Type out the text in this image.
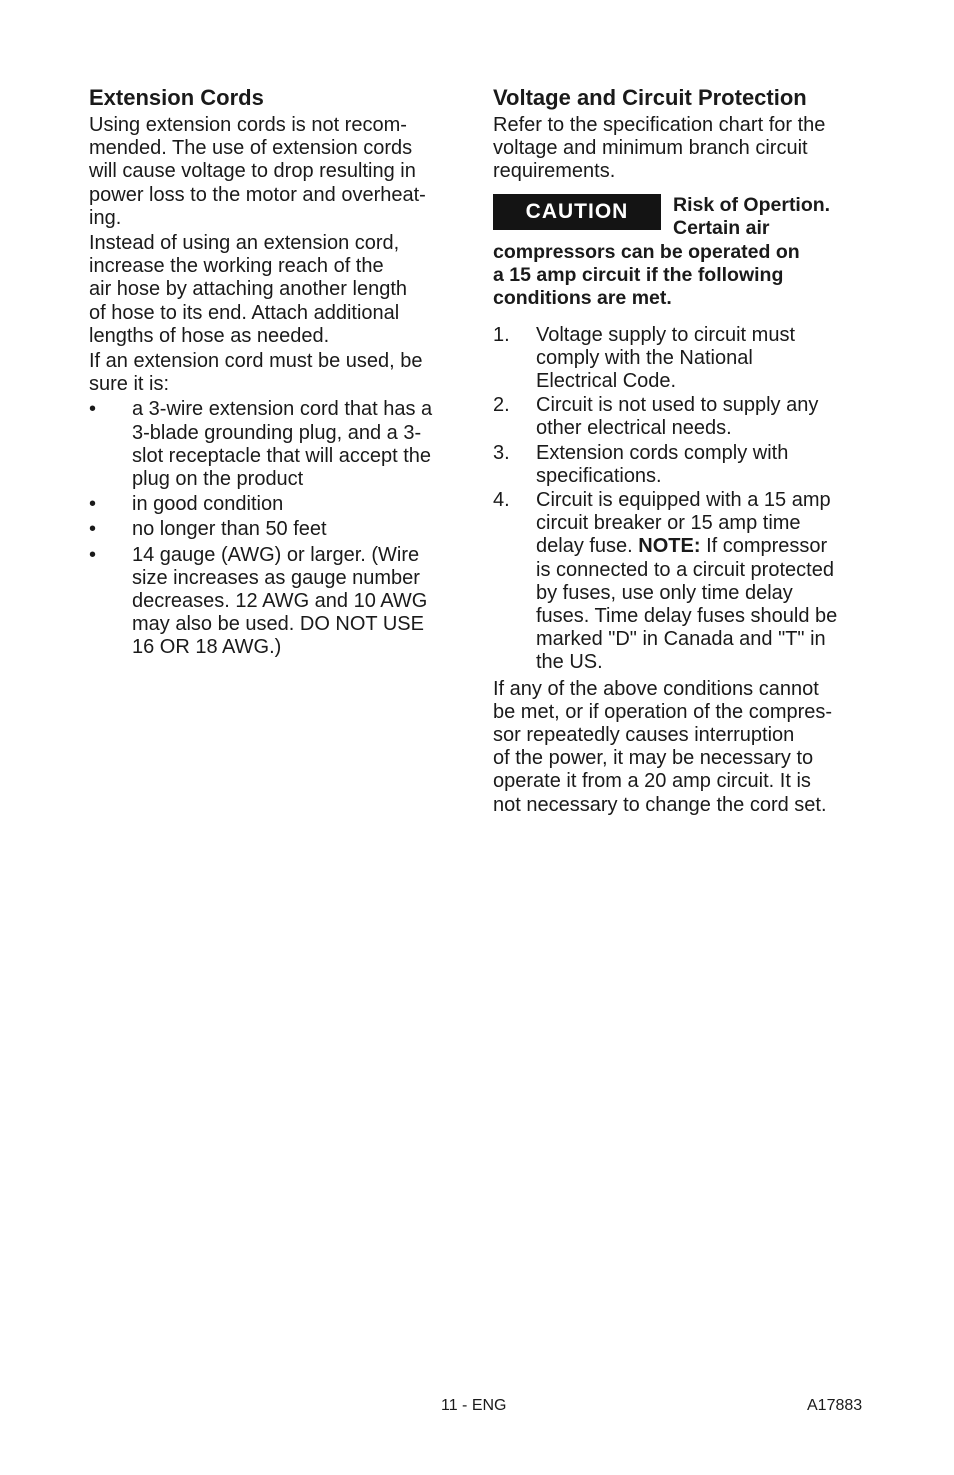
Extension Cords

Using extension cords is not recom-
mended. The use of extension cords
will cause voltage to drop resulting in
power loss to the motor and overheat-
ing.

Instead of using an extension cord,
increase the working reach of the
air hose by attaching another length
of hose to its end. Attach additional
lengths of hose as needed.

If an extension cord must be used, be
sure it is:

• a 3-wire extension cord that has a
3-blade grounding plug, and a 3-
slot receptacle that will accept the
plug on the product
• in good condition
• no longer than 50 feet
• 14 gauge (AWG) or larger. (Wire
size increases as gauge number
decreases. 12 AWG and 10 AWG
may also be used. DO NOT USE
16 OR 18 AWG.)
Voltage and Circuit Protection

Refer to the specification chart for the
voltage and minimum branch circuit
requirements.

CAUTION	Risk of Opertion.
Certain air
compressors can be operated on
a 15 amp circuit if the following
conditions are met.
1. Voltage supply to circuit must
comply with the National
Electrical Code.
2. Circuit is not used to supply any
other electrical needs.
3. Extension cords comply with
specifications.
4. Circuit is equipped with a 15 amp
circuit breaker or 15 amp time
delay fuse. NOTE: If compressor
is connected to a circuit protected
by fuses, use only time delay
fuses. Time delay fuses should be
marked "D" in Canada and "T" in
the US.

If any of the above conditions cannot
be met, or if operation of the compres-
sor repeatedly causes interruption
of the power, it may be necessary to
operate it from a 20 amp circuit. It is
not necessary to change the cord set.

11 - ENG	A17883
